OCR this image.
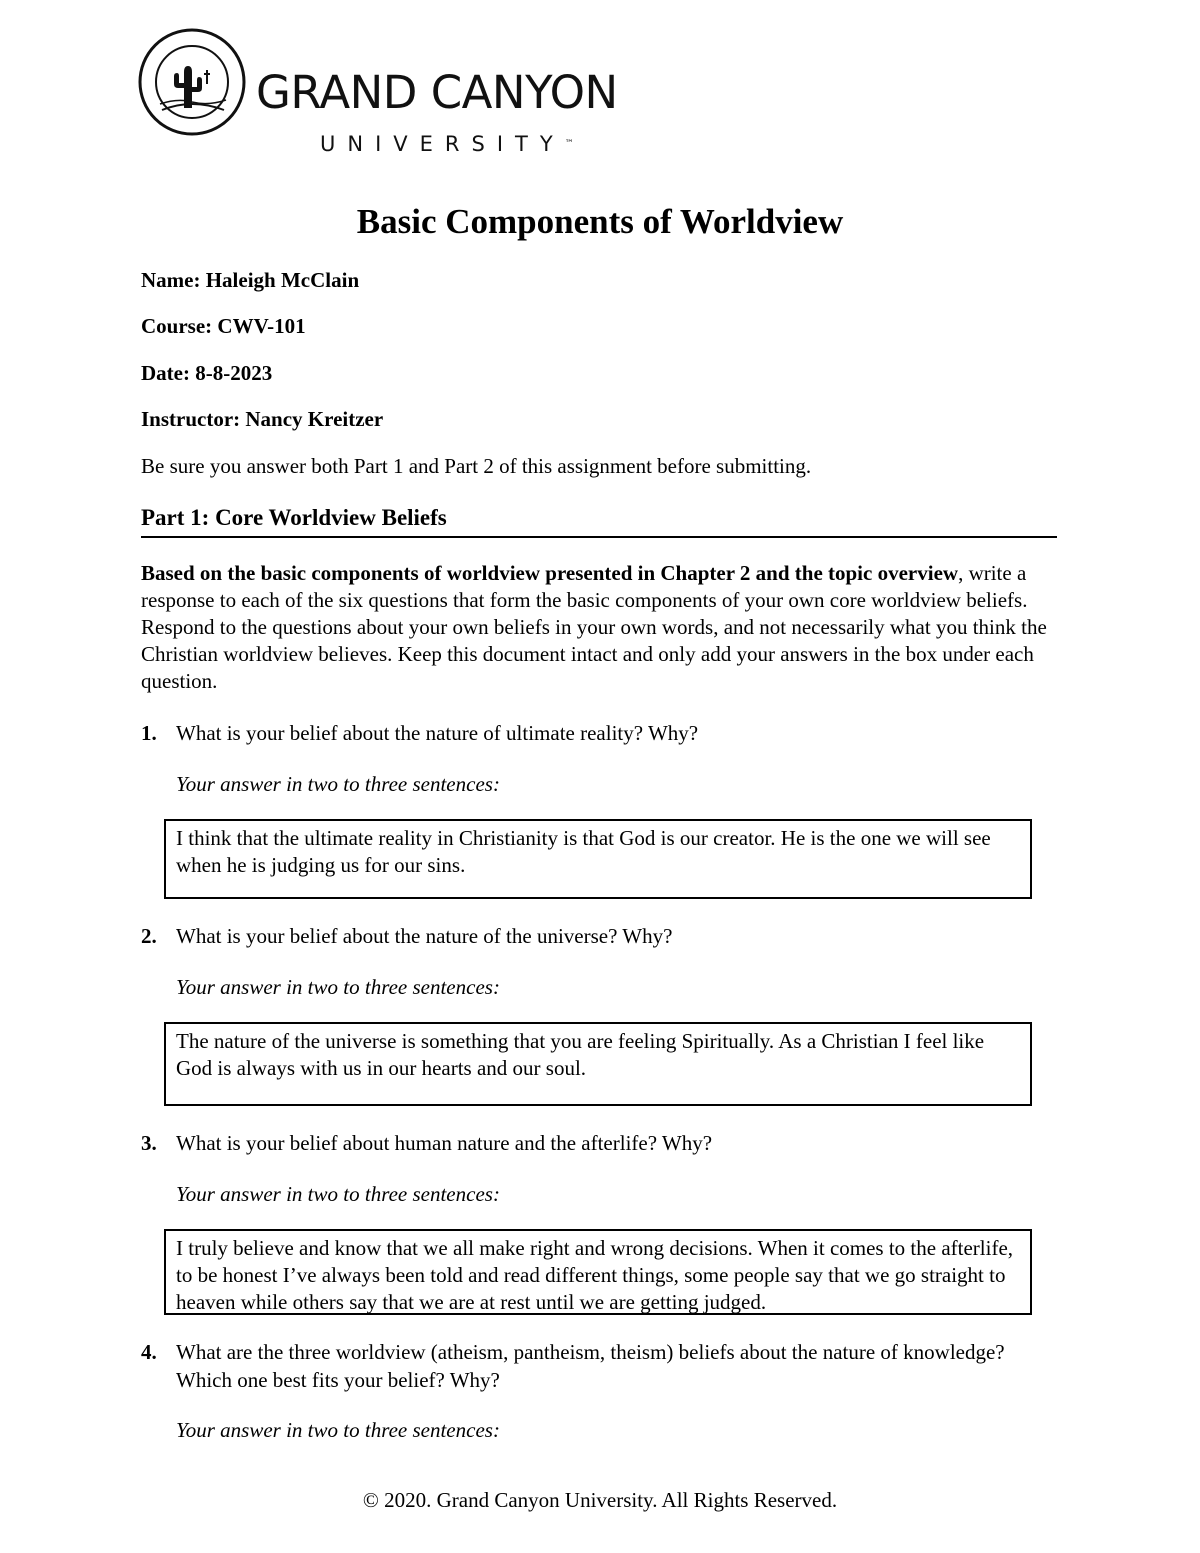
GRAND CANYON
UNIVERSITY™
Basic Components of Worldview
Name: Haleigh McClain
Course: CWV-101
Date: 8-8-2023
Instructor: Nancy Kreitzer
Be sure you answer both Part 1 and Part 2 of this assignment before submitting.
Part 1: Core Worldview Beliefs
Based on the basic components of worldview presented in Chapter 2 and the topic overview, write a response to each of the six questions that form the basic components of your own core worldview beliefs. Respond to the questions about your own beliefs in your own words, and not necessarily what you think the Christian worldview believes. Keep this document intact and only add your answers in the box under each question.
1. What is your belief about the nature of ultimate reality? Why?
Your answer in two to three sentences:
I think that the ultimate reality in Christianity is that God is our creator. He is the one we will see when he is judging us for our sins.
2. What is your belief about the nature of the universe? Why?
Your answer in two to three sentences:
The nature of the universe is something that you are feeling Spiritually. As a Christian I feel like God is always with us in our hearts and our soul.
3. What is your belief about human nature and the afterlife? Why?
Your answer in two to three sentences:
I truly believe and know that we all make right and wrong decisions. When it comes to the afterlife, to be honest I’ve always been told and read different things, some people say that we go straight to heaven while others say that we are at rest until we are getting judged.
4. What are the three worldview (atheism, pantheism, theism) beliefs about the nature of knowledge? Which one best fits your belief? Why?
Your answer in two to three sentences:
© 2020. Grand Canyon University. All Rights Reserved.
